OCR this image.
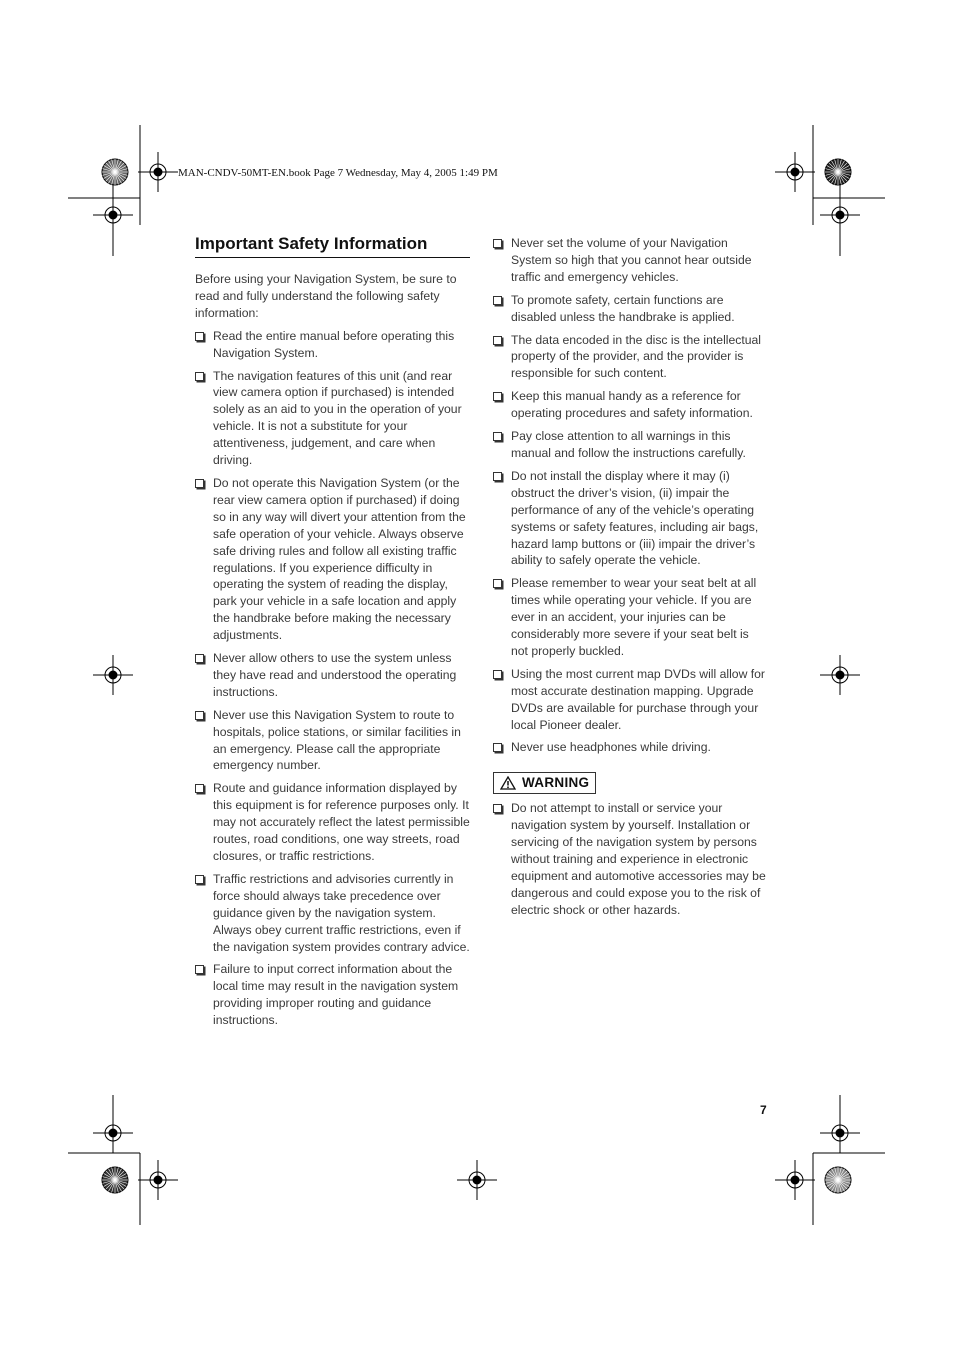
MAN-CNDV-50MT-EN.book Page 7 Wednesday, May 4, 2005 1:49 PM
Important Safety Information

Before using your Navigation System, be sure to read and fully understand the following safety information:

Read the entire manual before operating this Navigation System.
The navigation features of this unit (and rear view camera option if purchased) is intended solely as an aid to you in the operation of your vehicle. It is not a substitute for your attentiveness, judgement, and care when driving.
Do not operate this Navigation System (or the rear view camera option if purchased) if doing so in any way will divert your attention from the safe operation of your vehicle. Always observe safe driving rules and follow all existing traffic regulations. If you experience difficulty in operating the system of reading the display, park your vehicle in a safe location and apply the handbrake before making the necessary adjustments.
Never allow others to use the system unless they have read and understood the operating instructions.
Never use this Navigation System to route to hospitals, police stations, or similar facilities in an emergency. Please call the appropriate emergency number.
Route and guidance information displayed by this equipment is for reference purposes only. It may not accurately reflect the latest permissible routes, road conditions, one way streets, road closures, or traffic restrictions.
Traffic restrictions and advisories currently in force should always take precedence over guidance given by the navigation system. Always obey current traffic restrictions, even if the navigation system provides contrary advice.
Failure to input correct information about the local time may result in the navigation system providing improper routing and guidance instructions.
Never set the volume of your Navigation System so high that you cannot hear outside traffic and emergency vehicles.
To promote safety, certain functions are disabled unless the handbrake is applied.
The data encoded in the disc is the intellectual property of the provider, and the provider is responsible for such content.
Keep this manual handy as a reference for operating procedures and safety information.
Pay close attention to all warnings in this manual and follow the instructions carefully.
Do not install the display where it may (i) obstruct the driver’s vision, (ii) impair the performance of any of the vehicle’s operating systems or safety features, including air bags, hazard lamp buttons or (iii) impair the driver’s ability to safely operate the vehicle.
Please remember to wear your seat belt at all times while operating your vehicle. If you are ever in an accident, your injuries can be considerably more severe if your seat belt is not properly buckled.
Using the most current map DVDs will allow for most accurate destination mapping. Upgrade DVDs are available for purchase through your local Pioneer dealer.
Never use headphones while driving.
WARNING
Do not attempt to install or service your navigation system by yourself. Installation or servicing of the navigation system by persons without training and experience in electronic equipment and automotive accessories may be dangerous and could expose you to the risk of electric shock or other hazards.
7
